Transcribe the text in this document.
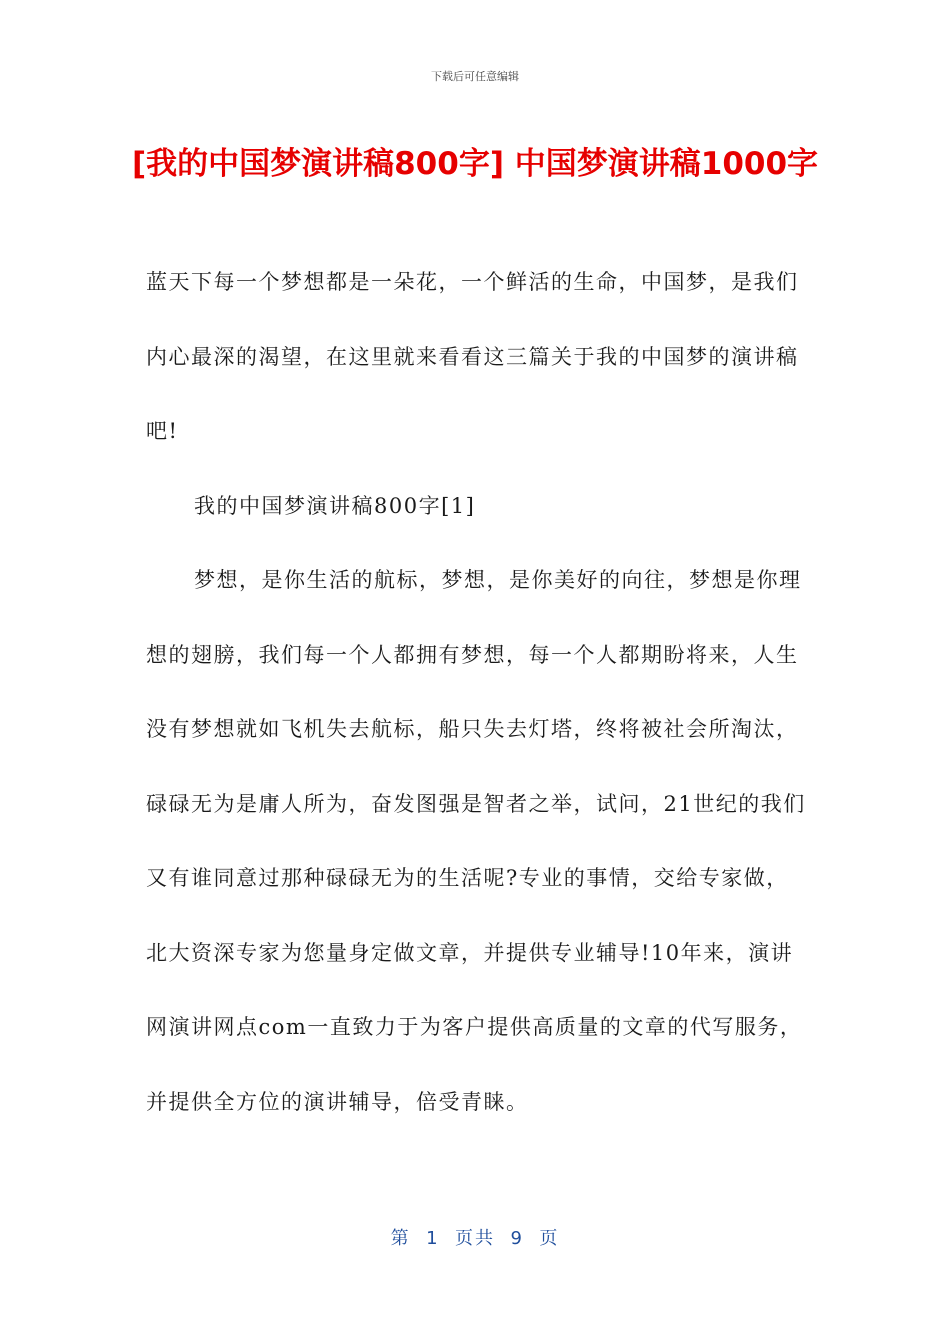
下载后可任意编辑
[我的中国梦演讲稿800字] 中国梦演讲稿1000字

蓝天下每一个梦想都是一朵花，一个鲜活的生命，中国梦，是我们内心最深的渴望，在这里就来看看这三篇关于我的中国梦的演讲稿吧!

我的中国梦演讲稿800字[1]

梦想，是你生活的航标，梦想，是你美好的向往，梦想是你理想的翅膀，我们每一个人都拥有梦想，每一个人都期盼将来，人生没有梦想就如飞机失去航标，船只失去灯塔，终将被社会所淘汰，碌碌无为是庸人所为，奋发图强是智者之举，试问，21世纪的我们又有谁同意过那种碌碌无为的生活呢?专业的事情，交给专家做，北大资深专家为您量身定做文章，并提供专业辅导!10年来，演讲网演讲网点com一直致力于为客户提供高质量的文章的代写服务，并提供全方位的演讲辅导，倍受青睐。

第  1  页共  9  页
